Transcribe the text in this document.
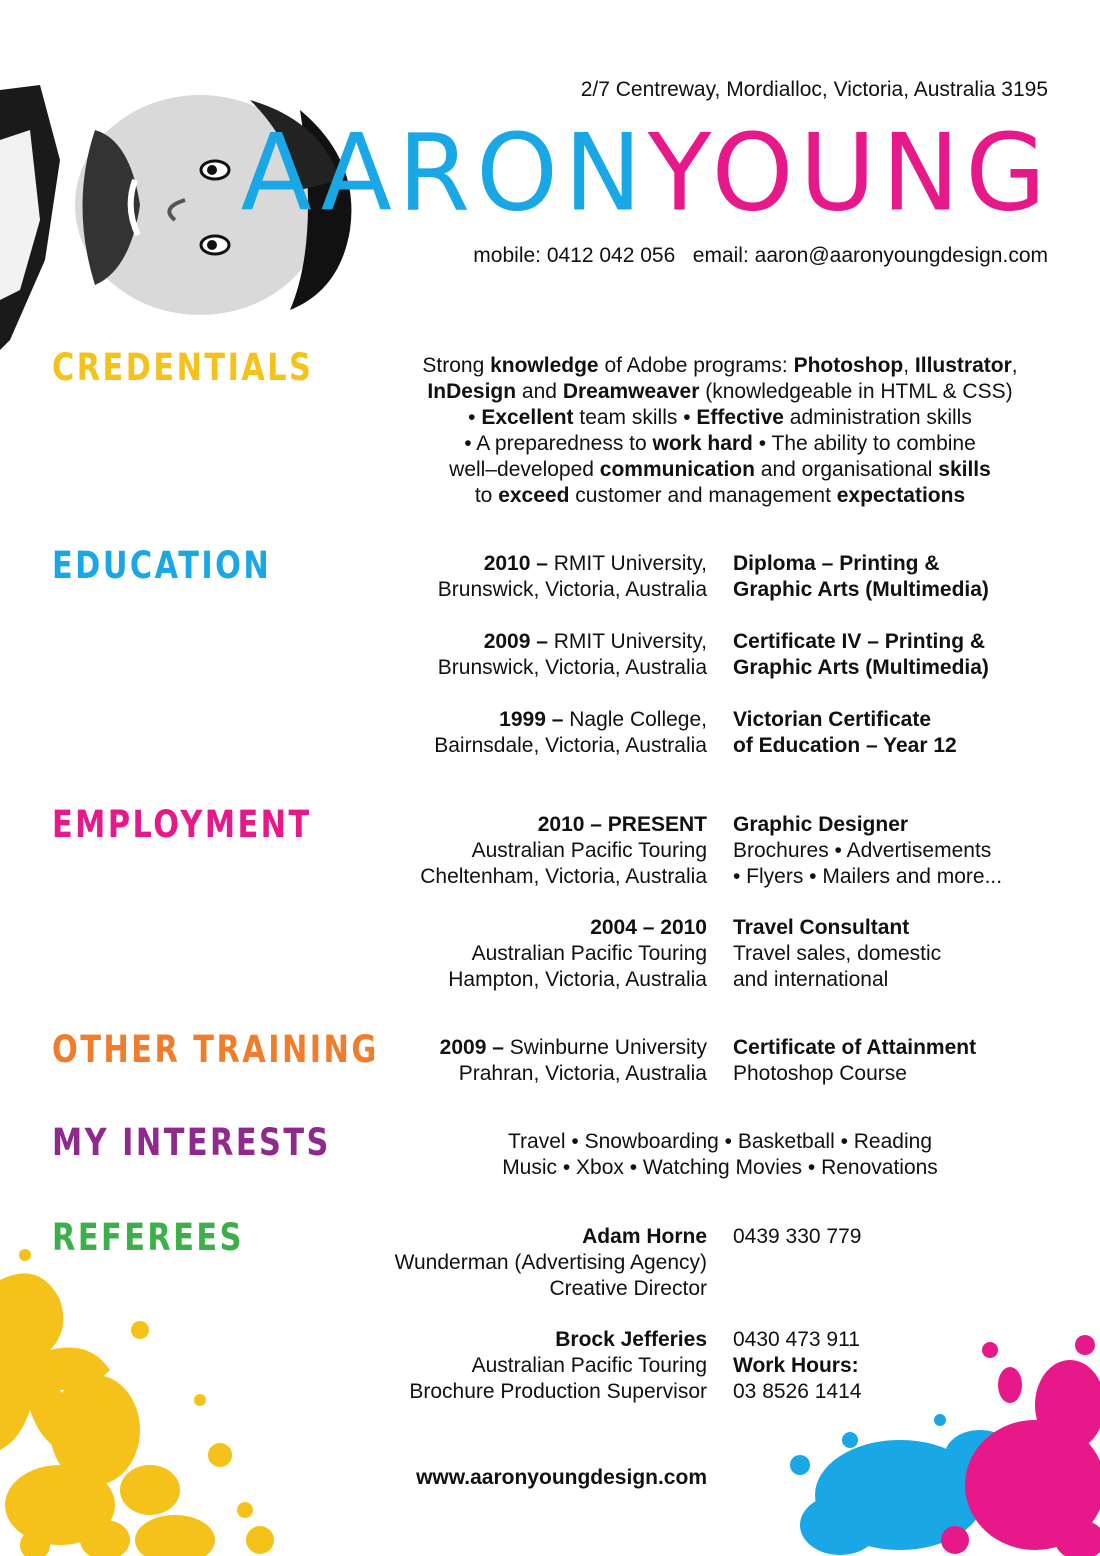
2/7 Centreway, Mordialloc, Victoria, Australia 3195
AARONYOUNG
mobile: 0412 042 056   email: aaron@aaronyoungdesign.com
CREDENTIALS
EDUCATION
EMPLOYMENT
OTHER TRAINING
MY INTERESTS
REFEREES
Strong knowledge of Adobe programs: Photoshop, Illustrator,
InDesign and Dreamweaver (knowledgeable in HTML & CSS)
• Excellent team skills • Effective administration skills
• A preparedness to work hard • The ability to combine
well–developed communication and organisational skills
to exceed customer and management expectations
2010 – RMIT University,
Brunswick, Victoria, Australia
Diploma – Printing &
Graphic Arts (Multimedia)
2009 – RMIT University,
Brunswick, Victoria, Australia
Certificate IV – Printing &
Graphic Arts (Multimedia)
1999 – Nagle College,
Bairnsdale, Victoria, Australia
Victorian Certificate
of Education – Year 12
2010 – PRESENT
Australian Pacific Touring
Cheltenham, Victoria, Australia
Graphic Designer
Brochures • Advertisements
• Flyers • Mailers and more...
2004 – 2010
Australian Pacific Touring
Hampton, Victoria, Australia
Travel Consultant
Travel sales, domestic
and international
2009 – Swinburne University
Prahran, Victoria, Australia
Certificate of Attainment
Photoshop Course
Travel • Snowboarding • Basketball • Reading
Music • Xbox • Watching Movies • Renovations
Adam Horne
Wunderman (Advertising Agency)
Creative Director
0439 330 779
Brock Jefferies
Australian Pacific Touring
Brochure Production Supervisor
0430 473 911
Work Hours:
03 8526 1414
www.aaronyoungdesign.com
